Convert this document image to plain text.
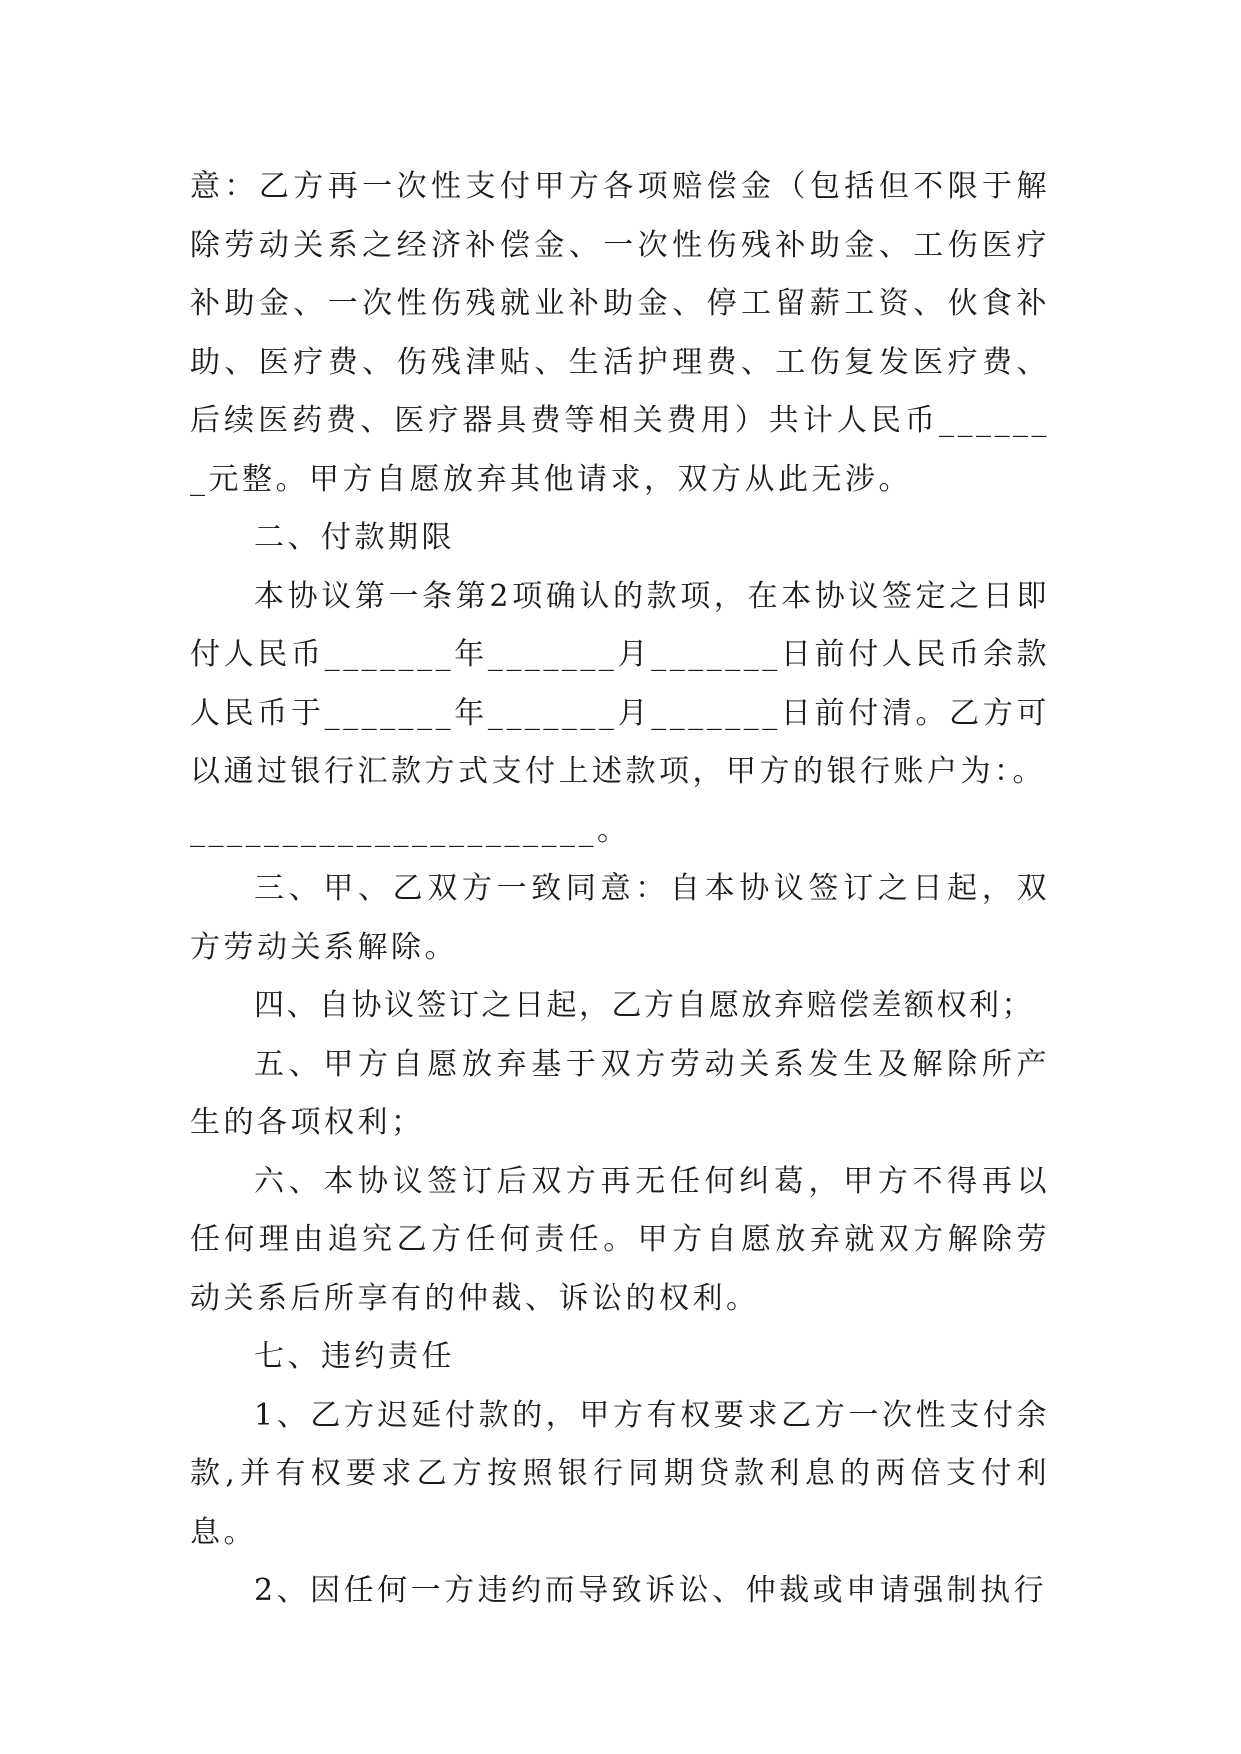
意：乙方再一次性支付甲方各项赔偿金（包括但不限于解除劳动关系之经济补偿金、一次性伤残补助金、工伤医疗补助金、一次性伤残就业补助金、停工留薪工资、伙食补助、医疗费、伤残津贴、生活护理费、工伤复发医疗费、后续医药费、医疗器具费等相关费用）共计人民币_______元整。甲方自愿放弃其他请求，双方从此无涉。

二、付款期限

本协议第一条第2项确认的款项，在本协议签定之日即付人民币_______年_______月_______日前付人民币余款人民币于_______年_______月_______日前付清。乙方可以通过银行汇款方式支付上述款项，甲方的银行账户为：。

______________________。

三、甲、乙双方一致同意：自本协议签订之日起，双方劳动关系解除。

四、自协议签订之日起，乙方自愿放弃赔偿差额权利；

五、甲方自愿放弃基于双方劳动关系发生及解除所产生的各项权利；

六、本协议签订后双方再无任何纠葛，甲方不得再以任何理由追究乙方任何责任。甲方自愿放弃就双方解除劳动关系后所享有的仲裁、诉讼的权利。

七、违约责任

1、乙方迟延付款的，甲方有权要求乙方一次性支付余款,并有权要求乙方按照银行同期贷款利息的两倍支付利息。

2、因任何一方违约而导致诉讼、仲裁或申请强制执行
